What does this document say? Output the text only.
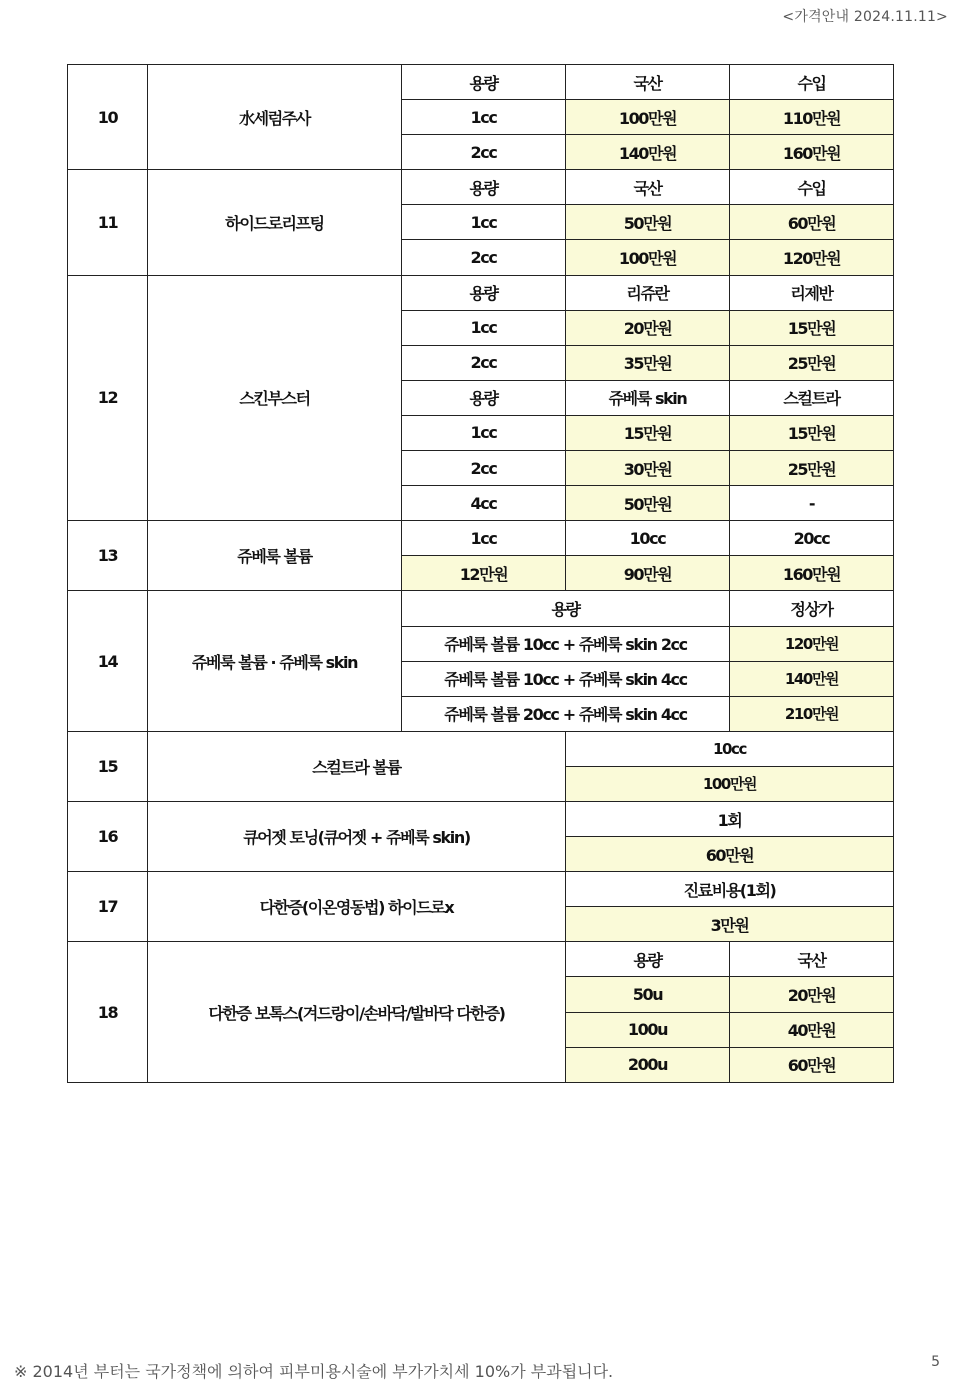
<가격안내 2024.11.11>
10	水세럼주사	용량	국산	수입
		1cc	100만원	110만원
		2cc	140만원	160만원
11	하이드로리프팅	용량	국산	수입
		1cc	50만원	60만원
		2cc	100만원	120만원
12	스킨부스터	용량	리쥬란	리제반
		1cc	20만원	15만원
		2cc	35만원	25만원
		용량	쥬베룩 skin	스컬트라
		1cc	15만원	15만원
		2cc	30만원	25만원
		4cc	50만원	-
13	쥬베룩 볼륨	1cc	10cc	20cc
		12만원	90만원	160만원
14	쥬베룩 볼륨 · 쥬베룩 skin	용량		정상가
		쥬베룩 볼륨 10cc + 쥬베룩 skin 2cc		120만원
		쥬베룩 볼륨 10cc + 쥬베룩 skin 4cc		140만원
		쥬베룩 볼륨 20cc + 쥬베룩 skin 4cc		210만원
15	스컬트라 볼륨		10cc	
			100만원	
16	큐어젯 토닝(큐어젯 + 쥬베룩 skin)		1회	
			60만원	
17	다한증(이온영동법) 하이드로x		진료비용(1회)	
			3만원	
18	다한증 보톡스(겨드랑이/손바닥/발바닥 다한증)		용량	국산
			50u	20만원
			100u	40만원
			200u	60만원
※ 2014년 부터는 국가정책에 의하여 피부미용시술에 부가가치세 10%가 부과됩니다.	5
